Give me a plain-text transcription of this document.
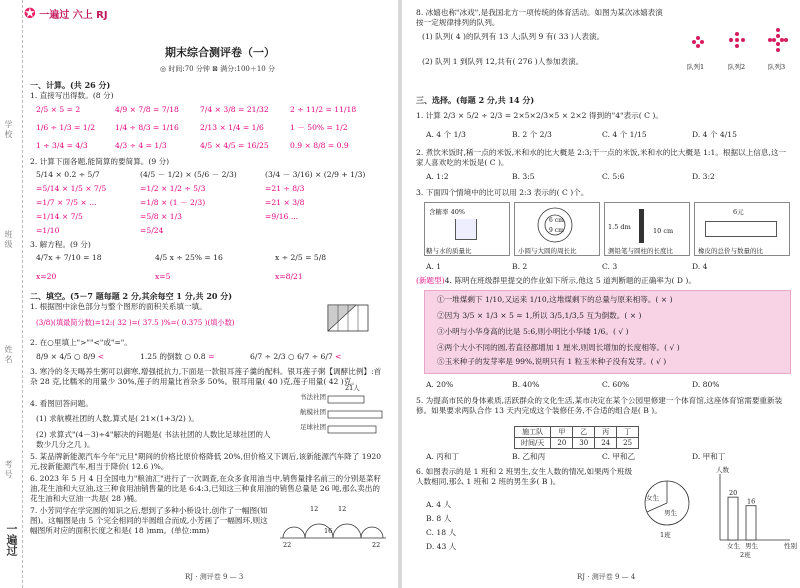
学校
班级
姓名
考号
一遍过
✪ 一遍过 六上 RJ
期末综合测评卷（一）
◎ 时间:70 分钟 ⊠ 满分:100＋10 分
一、计算。(共 26 分)
1. 直接写出得数。(8 分)
2/5 × 5 = 2	4/9 × 7/8 = 7/18	7/4 × 3/8 = 21/32	2 ÷ 11/2 = 11/18
1/6 ÷ 1/3 = 1/2	1/4 ÷ 8/3 = 1/16	2/13 × 1/4 = 1/6	1 － 50% = 1/2
1 ÷ 3/4 = 4/3	4/3 ÷ 4 = 1/3	4/5 × 4/5 = 16/25	0.9 × 8/8 = 0.9
2. 计算下面各题,能简算的要简算。(9 分)
5/14 × 0.2 ÷ 5/7	(4/5 － 1/2) × (5/6 － 2/3)	(3/4 － 3/16) × (2/9 + 1/3)
=5/14 × 1/5 × 7/5	=1/2 × 1/2 ÷ 5/3	=21 ÷ 8/3
=1/7 × 7/5 × ...	=1/8 × (1 － 2/3)	=21 × 3/8
=1/14 × 7/5	=5/8 × 1/3	=9/16 ...
=1/10	=5/24
3. 解方程。(9 分)
4/7x + 7/10 = 18	4/5 x ÷ 25% = 16	x ÷ 2/5 = 5/8
x=20	x=5	x=8/21
二、填空。(5－7 题每题 2 分,其余每空 1 分,共 20 分)
1. 根据图中涂色部分与整个图形的面积关系填一填。
(3/8)(填最简分数)=12:( 32 )=( 37.5 )%=( 0.375 )(填小数)
2. 在○里填上">""<"或"="。
8/9 × 4/5 ○ 8/9 <	1.25 的倒数 ○ 0.8 =	6/7 ÷ 2/3 ○ 6/7 ÷ 6/7 <
3. 寒冷的冬天喝养生粥可以御寒,增强抵抗力,下面是一款银耳莲子羹的配料。银耳莲子粥【调酵比例】:首杂 28 克,比糯米的用量少 30%,莲子的用量比首杂多 50%。银耳用量( 40 )克,莲子用量( 42 )克。
4. 看图回答问题。
(1) 求航模社团的人数,算式是( 21×(1+3/2) )。
(2) 求算式"(4－3)÷4"解决的问题是( 书法社团的人数比足球社团的人数少几分之几 )。
书法社团
航模社团
足球社团
21人
5. 某品牌新能源汽车今年"元旦"期间的价格比原价格降低 20%,但价格又下调后,该新能源汽车降了 1920 元,按新能源汽车,相当于降价( 12.6 )%。
6. 2023 年 5 月 4 日全国电力"粮油汇"进行了一次调查,在众多食用油当中,销售量排名前三的分别是菜籽油,花生油和大豆油,这三种食用油销售量的比是 6:4:3,已知这三种食用油的销售总量是 26 吨,那么卖出的花生油和大豆油一共是( 28 )桶。
7. 小芳同学在学完圆的知识之后,想到了多种小桥设计,创作了一幅图(如图)。这幅图是由 5 个完全相同的半圆组合而成,小芳画了一幅圆环,则这幅图所对应的面积长度之和是( 18 )mm。(单位:mm)
12	12
16
22	22
RJ · 测评卷 9 — 3
8. 冰嬉也称"冰戏",是我国北方一项传统的体育活动。如图为某次冰嬉表演按一定规律排列的队列。
(1) 队列( 4 )的队列有 13 人;队列 9 有( 33 )人表演。
(2) 队列 1 到队列 12,共有( 276 )人参加表演。
队列1	队列2	队列3
三、选择。(每题 2 分,共 14 分)
1. 计算 2/3 × 5/2 ÷ 2/3 = 2×5×2/3×5 × 2×2 得到的"4"表示( C )。
A. 4 个 1/3	B. 2 个 2/3	C. 4 个 1/15	D. 4 个 4/15
2. 煮饮米饭时,稀一点的米饭,米和水的比大概是 2:3;干一点的米饭,米和水的比大概是 1:1。根据以上信息,这一家人喜欢吃的米饭是( C )。
A. 1:2	B. 3:5	C. 5:6	D. 3:2
3. 下面四个情境中的比可以用 2:3 表示的( C )个。
含糖率 40%
6 cm
9 cm	1.5 dm	10 cm
6元
糖与水的质量比	小圆与大圆的周长比	测铅笔与圆柱的长度比	橡皮的总价与数量的比
A. 1	B. 2	C. 3	D. 4
(新题型)4. 陈明在班级群里提交的作业如下所示,他这 5 道判断题的正确率为( D )。
①一堆煤剩下 1/10,又运来 1/10,这堆煤剩下的总量与原来相等。( × )
②因为 3/5 × 1/3 × 5 = 1,所以 3/5,1/3,5 互为倒数。( × )
③小明与小华身高的比是 5:6,则小明比小华矮 1/6。( √ )
④两个大小不同的圆,若直径都增加 1 厘米,则周长增加的长度相等。( √ )
⑤玉米种子的发芽率是 99%,说明只有 1 粒玉米种子没有发芽。( √ )
A. 20%	B. 40%	C. 60%	D. 80%
5. 为提高市民的身体素质,活跃群众的文化生活,某市决定在某个公园里修建一个体育馆,这座体育馆需要重新装修。如果要求两队合作 13 天内完成这个装修任务,不合适的组合是( B )。
施工队	甲	乙	丙	丁
时间/天	20	30	24	25
A. 丙和丁	B. 乙和丙	C. 甲和乙	D. 甲和丁
6. 如图表示的是 1 班和 2 班男生,女生人数的情况,如果两个班级人数相同,那么 1 班和 2 班的男生多( B )。
A. 4 人
B. 8 人
C. 18 人
D. 43 人
女生
男生
1班
人数
20
女生
16
男生	性别
2班
RJ · 测评卷 9 — 4
